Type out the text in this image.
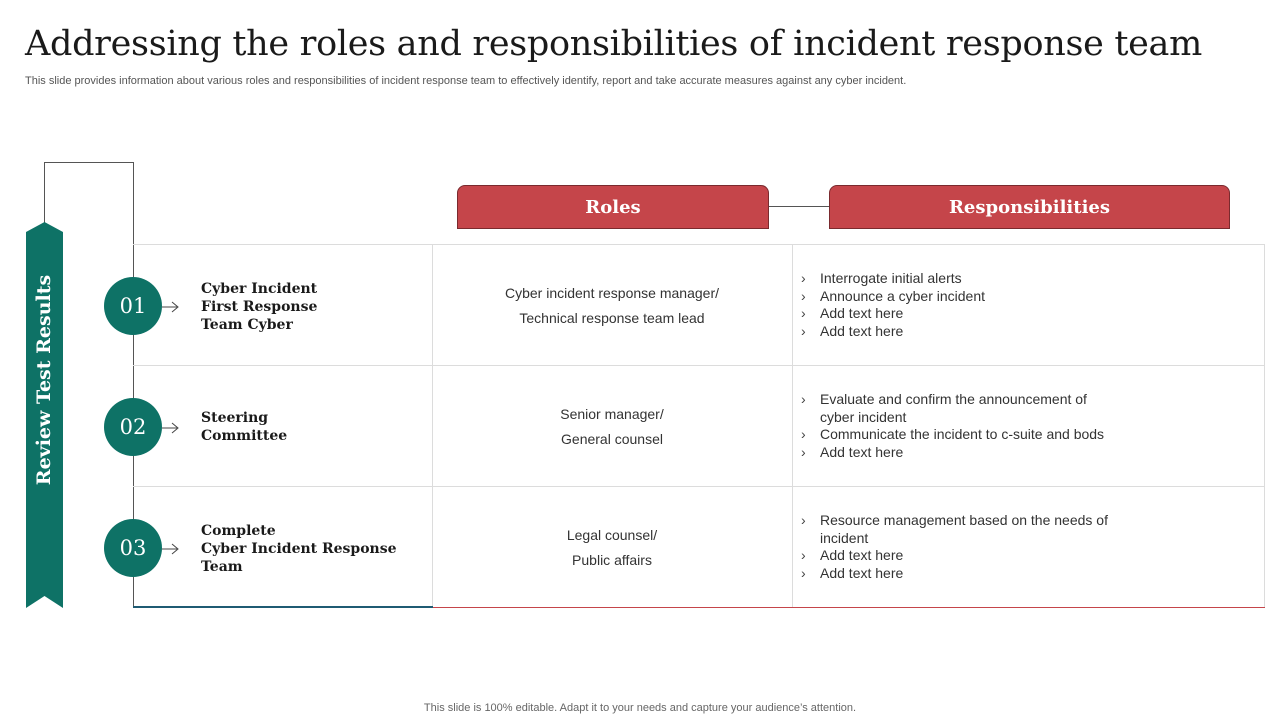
Addressing the roles and responsibilities of incident response team
This slide provides information about various roles and responsibilities of incident response team to effectively identify, report and take accurate measures against any cyber incident.
Review Test Results
Roles	Responsibilities
01
Cyber Incident
First Response
Team Cyber
Cyber incident response manager/
Technical response team lead
› Interrogate initial alerts
› Announce a cyber incident
› Add text here
› Add text here
02	Steering
Committee
Senior manager/
General counsel
› Evaluate and confirm the announcement of cyber incident
› Communicate the incident to c-suite and bods
› Add text here
03
Complete
Cyber Incident Response
Team
Legal counsel/
Public affairs
› Resource management based on the needs of incident
› Add text here
› Add text here
This slide is 100% editable. Adapt it to your needs and capture your audience’s attention.
